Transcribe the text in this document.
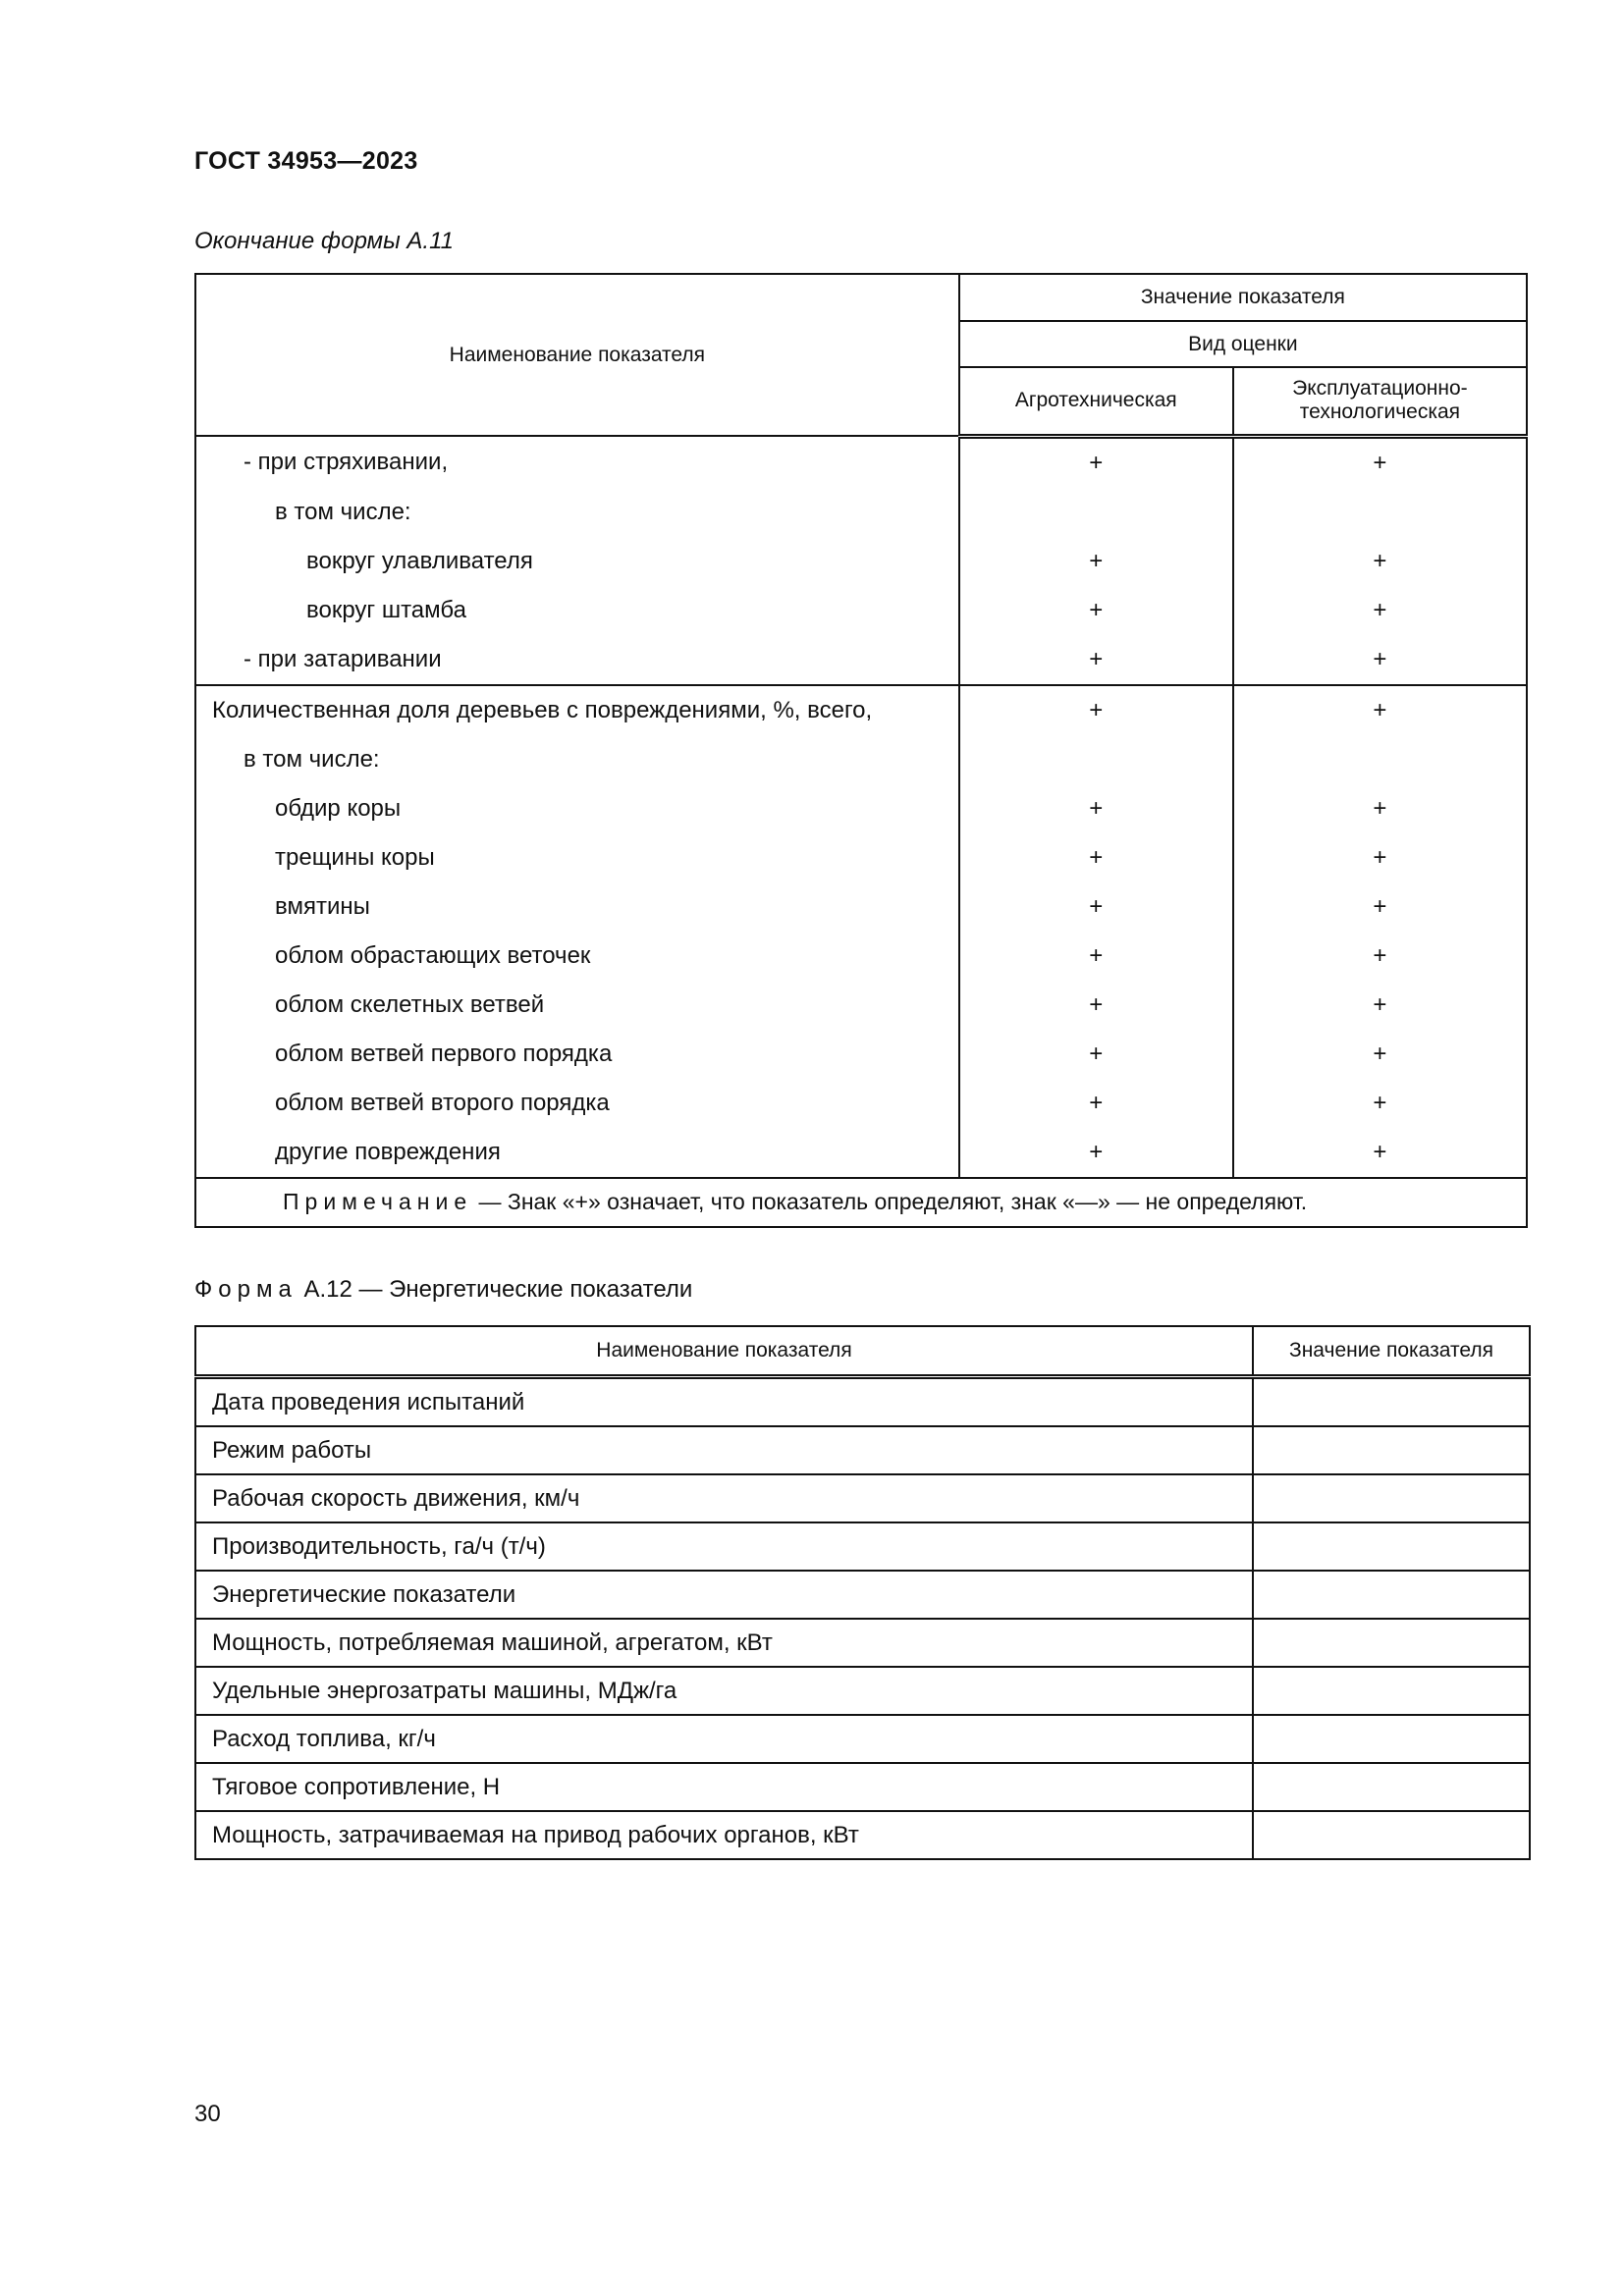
ГОСТ 34953—2023
Окончание формы А.11
Наименование показателя	Значение показателя	
	Вид оценки	
	Агротехническая	Эксплуатационно-
технологическая
- при стряхивании,	+	+
в том числе:		
вокруг улавливателя	+	+
вокруг штамба	+	+
- при затаривании	+	+
Количественная доля деревьев с повреждениями, %, всего,	+	+
в том числе:		
обдир коры	+	+
трещины коры	+	+
вмятины	+	+
облом обрастающих веточек	+	+
облом скелетных ветвей	+	+
облом ветвей первого порядка	+	+
облом ветвей второго порядка	+	+
другие повреждения	+	+
Примечание — Знак «+» означает, что показатель определяют, знак «—» — не определяют.		
Форма А.12 — Энергетические показатели
Наименование показателя	Значение показателя
Дата проведения испытаний	
Режим работы	
Рабочая скорость движения, км/ч	
Производительность, га/ч (т/ч)	
Энергетические показатели	
Мощность, потребляемая машиной, агрегатом, кВт	
Удельные энергозатраты машины, МДж/га	
Расход топлива, кг/ч	
Тяговое сопротивление, Н	
Мощность, затрачиваемая на привод рабочих органов, кВт	
30
